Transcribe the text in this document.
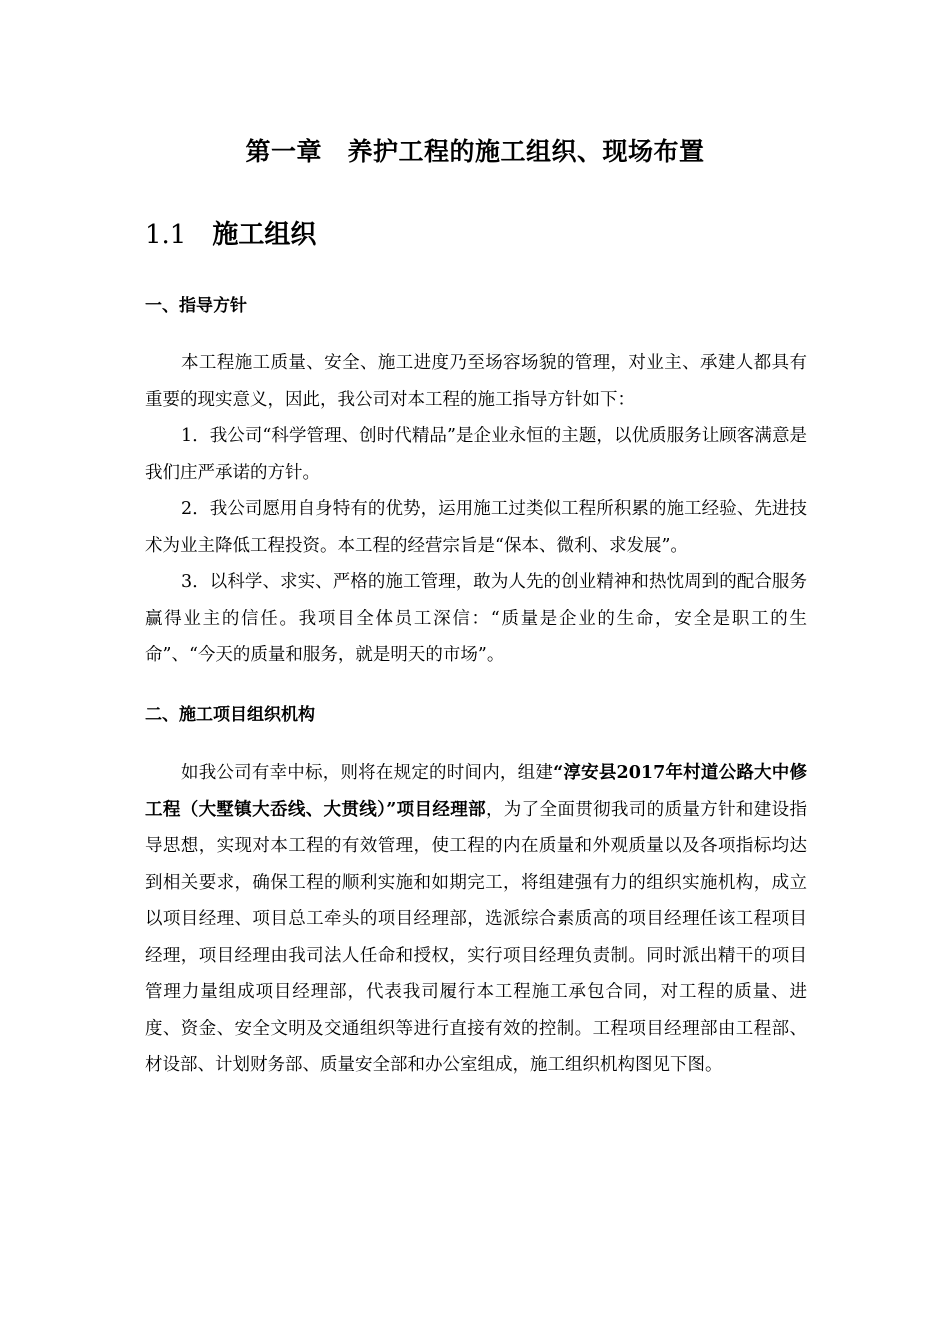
第一章　养护工程的施工组织、现场布置
1.1 施工组织
一、指导方针

本工程施工质量、安全、施工进度乃至场容场貌的管理，对业主、承建人都具有重要的现实意义，因此，我公司对本工程的施工指导方针如下：

1．我公司“科学管理、创时代精品”是企业永恒的主题，以优质服务让顾客满意是我们庄严承诺的方针。

2．我公司愿用自身特有的优势，运用施工过类似工程所积累的施工经验、先进技术为业主降低工程投资。本工程的经营宗旨是“保本、微利、求发展”。

3．以科学、求实、严格的施工管理，敢为人先的创业精神和热忱周到的配合服务赢得业主的信任。我项目全体员工深信：“质量是企业的生命，安全是职工的生命”、“今天的质量和服务，就是明天的市场”。

二、施工项目组织机构

如我公司有幸中标，则将在规定的时间内，组建“淳安县2017年村道公路大中修工程（大墅镇大岙线、大贯线）”项目经理部，为了全面贯彻我司的质量方针和建设指导思想，实现对本工程的有效管理，使工程的内在质量和外观质量以及各项指标均达到相关要求，确保工程的顺利实施和如期完工，将组建强有力的组织实施机构，成立以项目经理、项目总工牵头的项目经理部，选派综合素质高的项目经理任该工程项目经理，项目经理由我司法人任命和授权，实行项目经理负责制。同时派出精干的项目管理力量组成项目经理部，代表我司履行本工程施工承包合同，对工程的质量、进度、资金、安全文明及交通组织等进行直接有效的控制。工程项目经理部由工程部、材设部、计划财务部、质量安全部和办公室组成，施工组织机构图见下图。
